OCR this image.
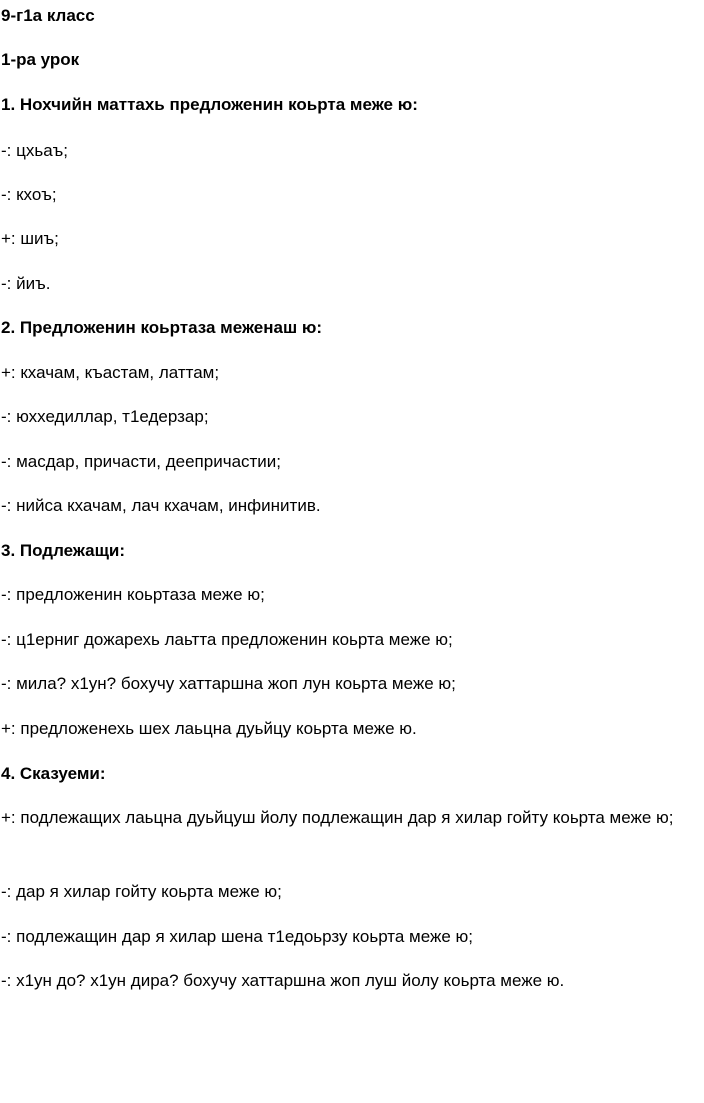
9-г1а класс
1-ра урок
1. Нохчийн маттахь предложенин коьрта меже ю:
-: цхьаъ;
-: кхоъ;
+: шиъ;
-: йиъ.
2. Предложенин коьртаза меженаш ю:
+: кхачам, къастам, латтам;
-: юххедиллар, т1едерзар;
-: масдар, причасти, деепричастии;
-: нийса кхачам, лач кхачам, инфинитив.
3. Подлежащи:
-: предложенин коьртаза меже ю;
-: ц1ерниг дожарехь лаьтта предложенин коьрта меже ю;
-: мила? х1ун? бохучу хаттаршна жоп лун коьрта меже ю;
+: предложенехь шех лаьцна дуьйцу коьрта меже ю.
4. Сказуеми:
+: подлежащих лаьцна дуьйцуш йолу подлежащин дар я хилар гойту коьрта меже ю;
-: дар я хилар гойту коьрта меже ю;
-: подлежащин дар я хилар шена т1едоьрзу коьрта меже ю;
-: х1ун до? х1ун дира? бохучу хаттаршна жоп луш йолу коьрта меже ю.
